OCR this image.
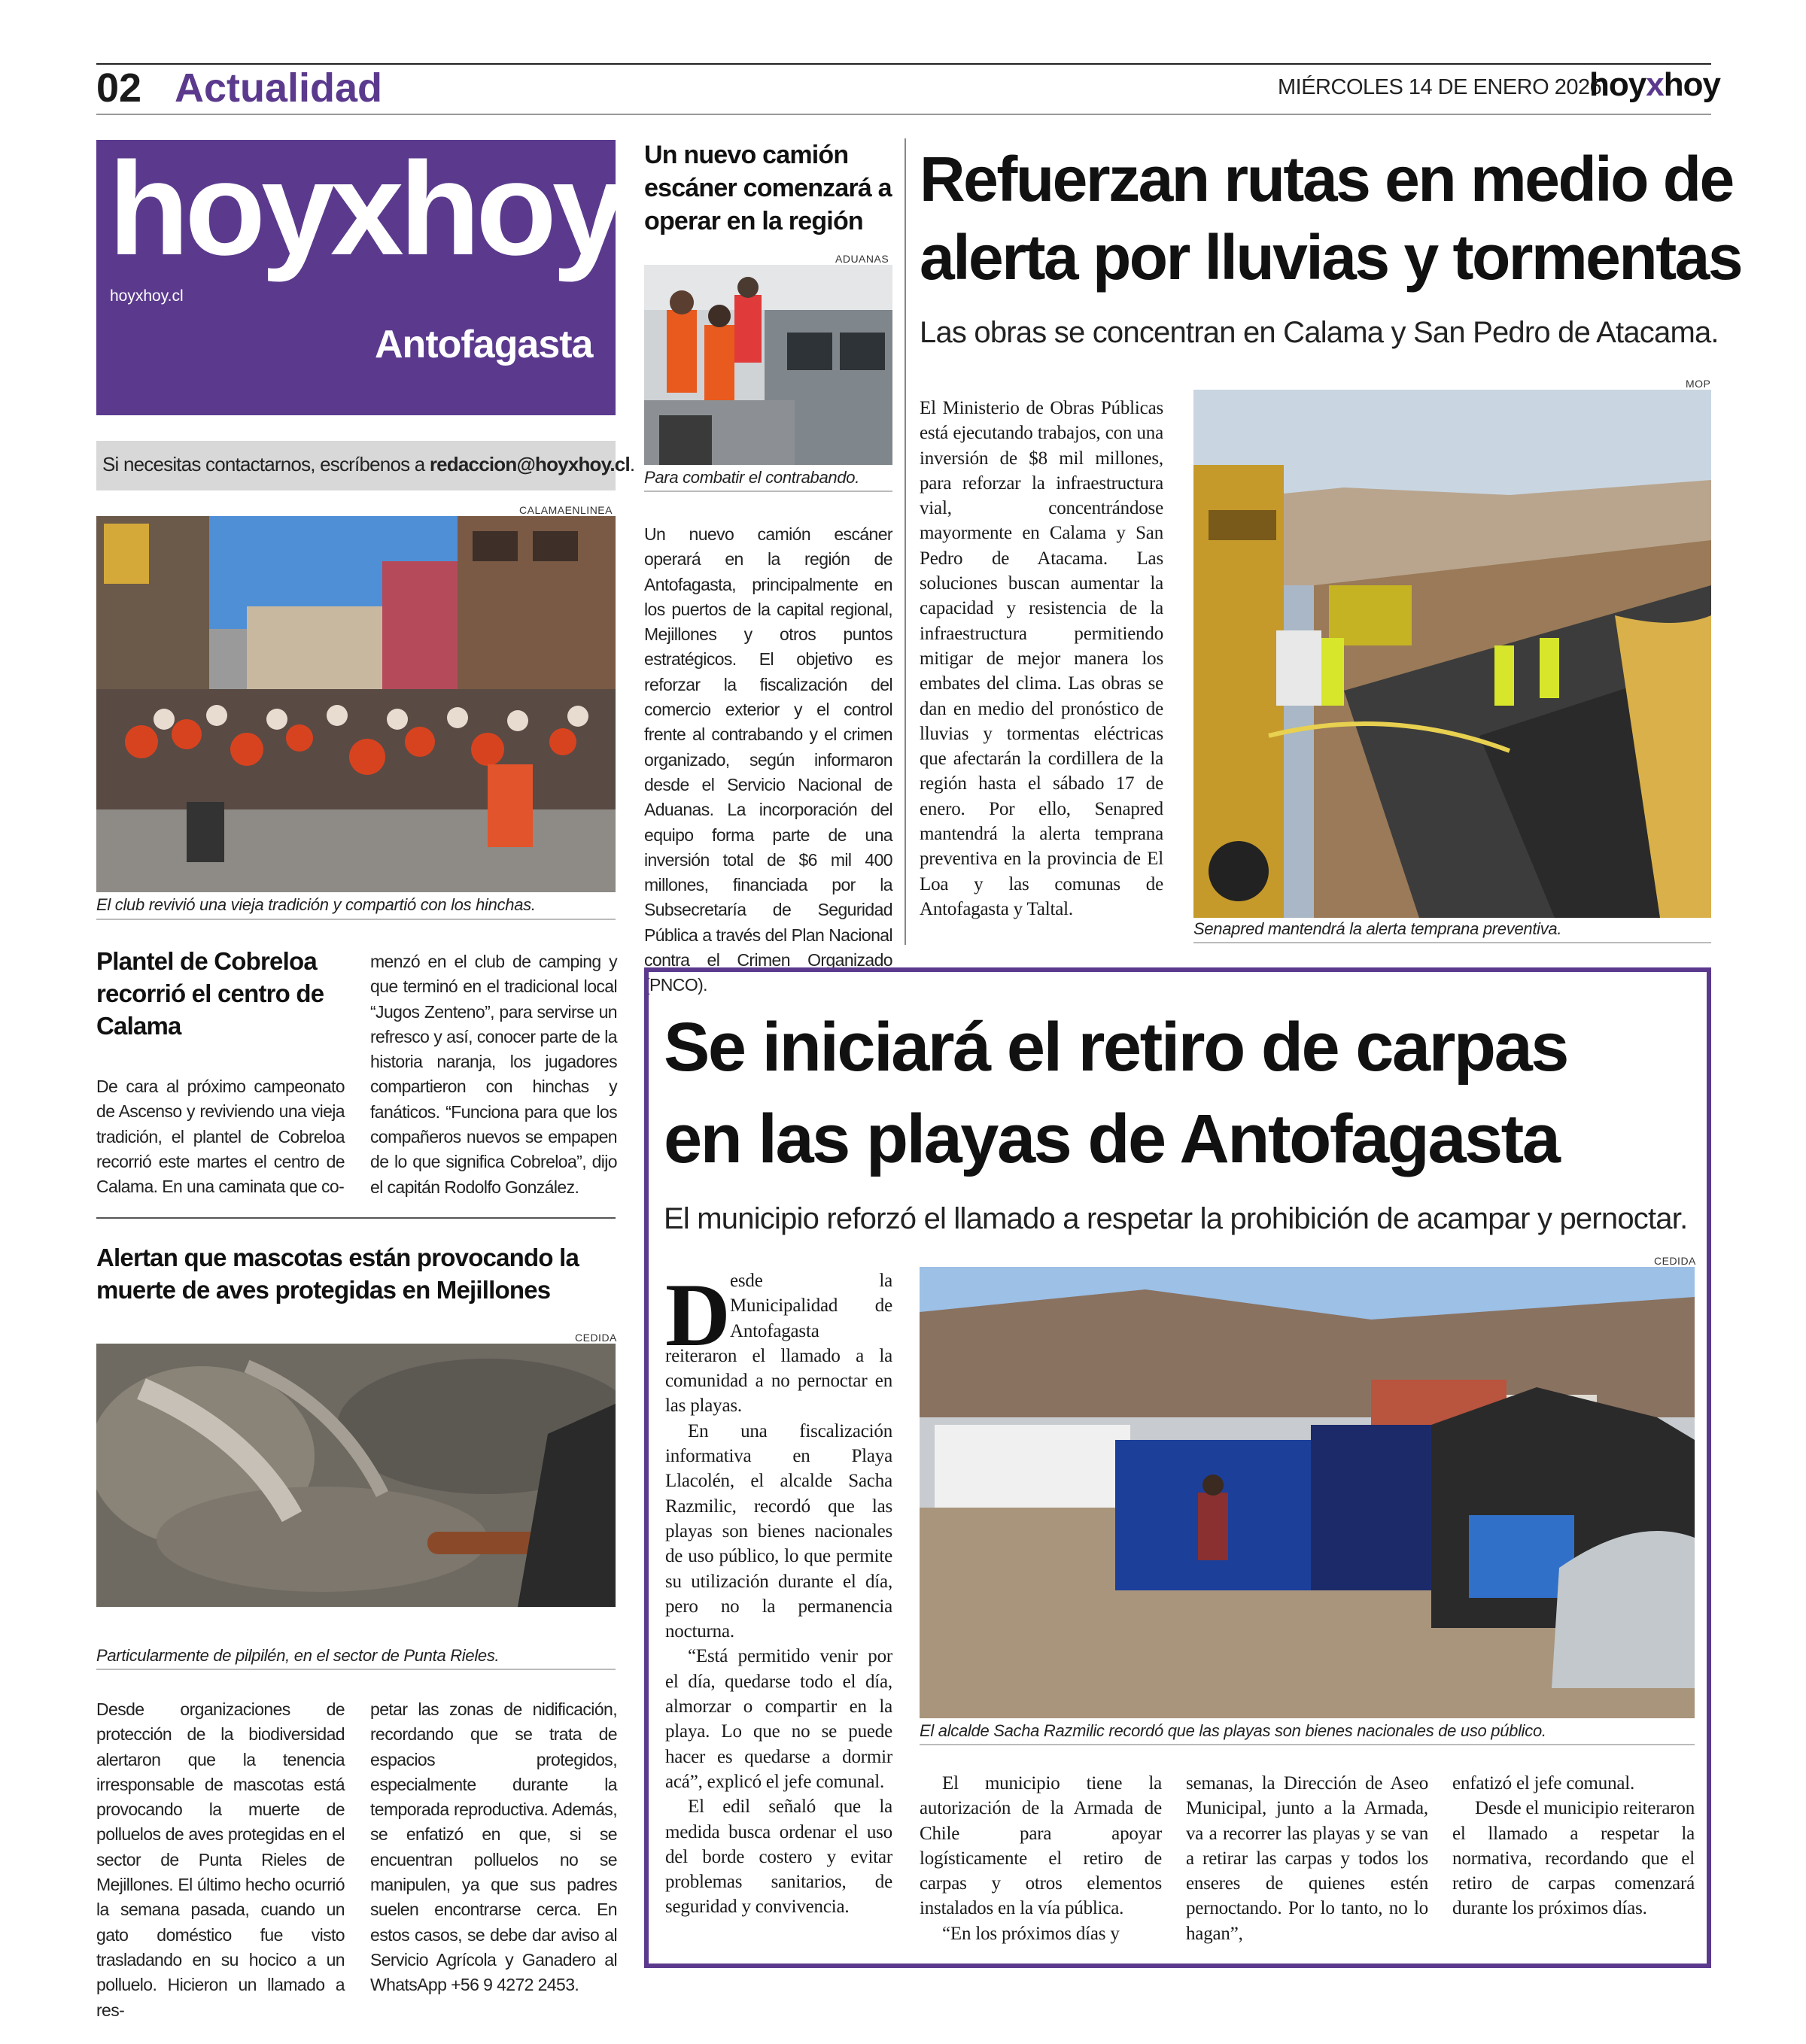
02 Actualidad	MIÉRCOLES 14 DE ENERO 2026
hoyxhoy
hoyxhoy
hoyxhoy.cl
Antofagasta
Si necesitas contactarnos, escríbenos a redaccion@hoyxhoy.cl.
CALAMAENLINEA
El club revivió una vieja tradición y compartió con los hinchas.
Plantel de Cobreloa recorrió el centro de Calama
De cara al próximo campeonato de Ascenso y reviviendo una vieja tradición, el plantel de Cobreloa recorrió este martes el centro de Calama. En una caminata que co-
menzó en el club de camping y que terminó en el tradicional local “Jugos Zenteno”, para servirse un refresco y así, conocer parte de la historia naranja, los jugadores compartieron con hinchas y fanáticos. “Funciona para que los compañeros nuevos se empapen de lo que significa Cobreloa”, dijo el capitán Rodolfo González.
Alertan que mascotas están provocando la muerte de aves protegidas en Mejillones
CEDIDA
Particularmente de pilpilén, en el sector de Punta Rieles.
Desde organizaciones de protección de la biodiversidad alertaron que la tenencia irresponsable de mascotas está provocando la muerte de polluelos de aves protegidas en el sector de Punta Rieles de Mejillones. El último hecho ocurrió la semana pasada, cuando un gato doméstico fue visto trasladando en su hocico a un polluelo. Hicieron un llamado a res-
petar las zonas de nidificación, recordando que se trata de espacios protegidos, especialmente durante la temporada reproductiva. Además, se enfatizó en que, si se encuentran polluelos no se manipulen, ya que sus padres suelen encontrarse cerca. En estos casos, se debe dar aviso al Servicio Agrícola y Ganadero al WhatsApp +56 9 4272 2453.
Un nuevo camión escáner comenzará a operar en la región
ADUANAS
Para combatir el contrabando.
Un nuevo camión escáner operará en la región de Antofagasta, principalmente en los puertos de la capital regional, Mejillones y otros puntos estratégicos. El objetivo es reforzar la fiscalización del comercio exterior y el control frente al contrabando y el crimen organizado, según informaron desde el Servicio Nacional de Aduanas. La incorporación del equipo forma parte de una inversión total de $6 mil 400 millones, financiada por la Subsecretaría de Seguridad Pública a través del Plan Nacional contra el Crimen Organizado (PNCO).
Refuerzan rutas en medio de
alerta por lluvias y tormentas
Las obras se concentran en Calama y San Pedro de Atacama.
El Ministerio de Obras Públicas está ejecutando trabajos, con una inversión de $8 mil millones, para reforzar la infraestructura vial, concentrándose mayormente en Calama y San Pedro de Atacama. Las soluciones buscan aumentar la capacidad y resistencia de la infraestructura permitiendo mitigar de mejor manera los embates del clima. Las obras se dan en medio del pronóstico de lluvias y tormentas eléctricas que afectarán la cordillera de la región hasta el sábado 17 de enero. Por ello, Senapred mantendrá la alerta temprana preventiva en la provincia de El Loa y las comunas de Antofagasta y Taltal.
MOP
Senapred mantendrá la alerta temprana preventiva.
Se iniciará el retiro de carpas
en las playas de Antofagasta
El municipio reforzó el llamado a respetar la prohibición de acampar y pernoctar.
CEDIDA
El alcalde Sacha Razmilic recordó que las playas son bienes nacionales de uso público.
D esde la Municipalidad de Antofagasta reiteraron el llamado a la comunidad a no pernoctar en las playas.

En una fiscalización informativa en Playa Llacolén, el alcalde Sacha Razmilic, recordó que las playas son bienes nacionales de uso público, lo que permite su utilización durante el día, pero no la permanencia nocturna.

“Está permitido venir por el día, quedarse todo el día, almorzar o compartir en la playa. Lo que no se puede hacer es quedarse a dormir acá”, explicó el jefe comunal.

El edil señaló que la medida busca ordenar el uso del borde costero y evitar problemas sanitarios, de seguridad y convivencia.

El municipio tiene la autorización de la Armada de Chile para apoyar logísticamente el retiro de carpas y otros elementos instalados en la vía pública.

“En los próximos días y

semanas, la Dirección de Aseo Municipal, junto a la Armada, va a recorrer las playas y se van a retirar las carpas y todos los enseres de quienes estén pernoctando. Por lo tanto, no lo hagan”,

enfatizó el jefe comunal.

Desde el municipio reiteraron el llamado a respetar la normativa, recordando que el retiro de carpas comenzará durante los próximos días.
